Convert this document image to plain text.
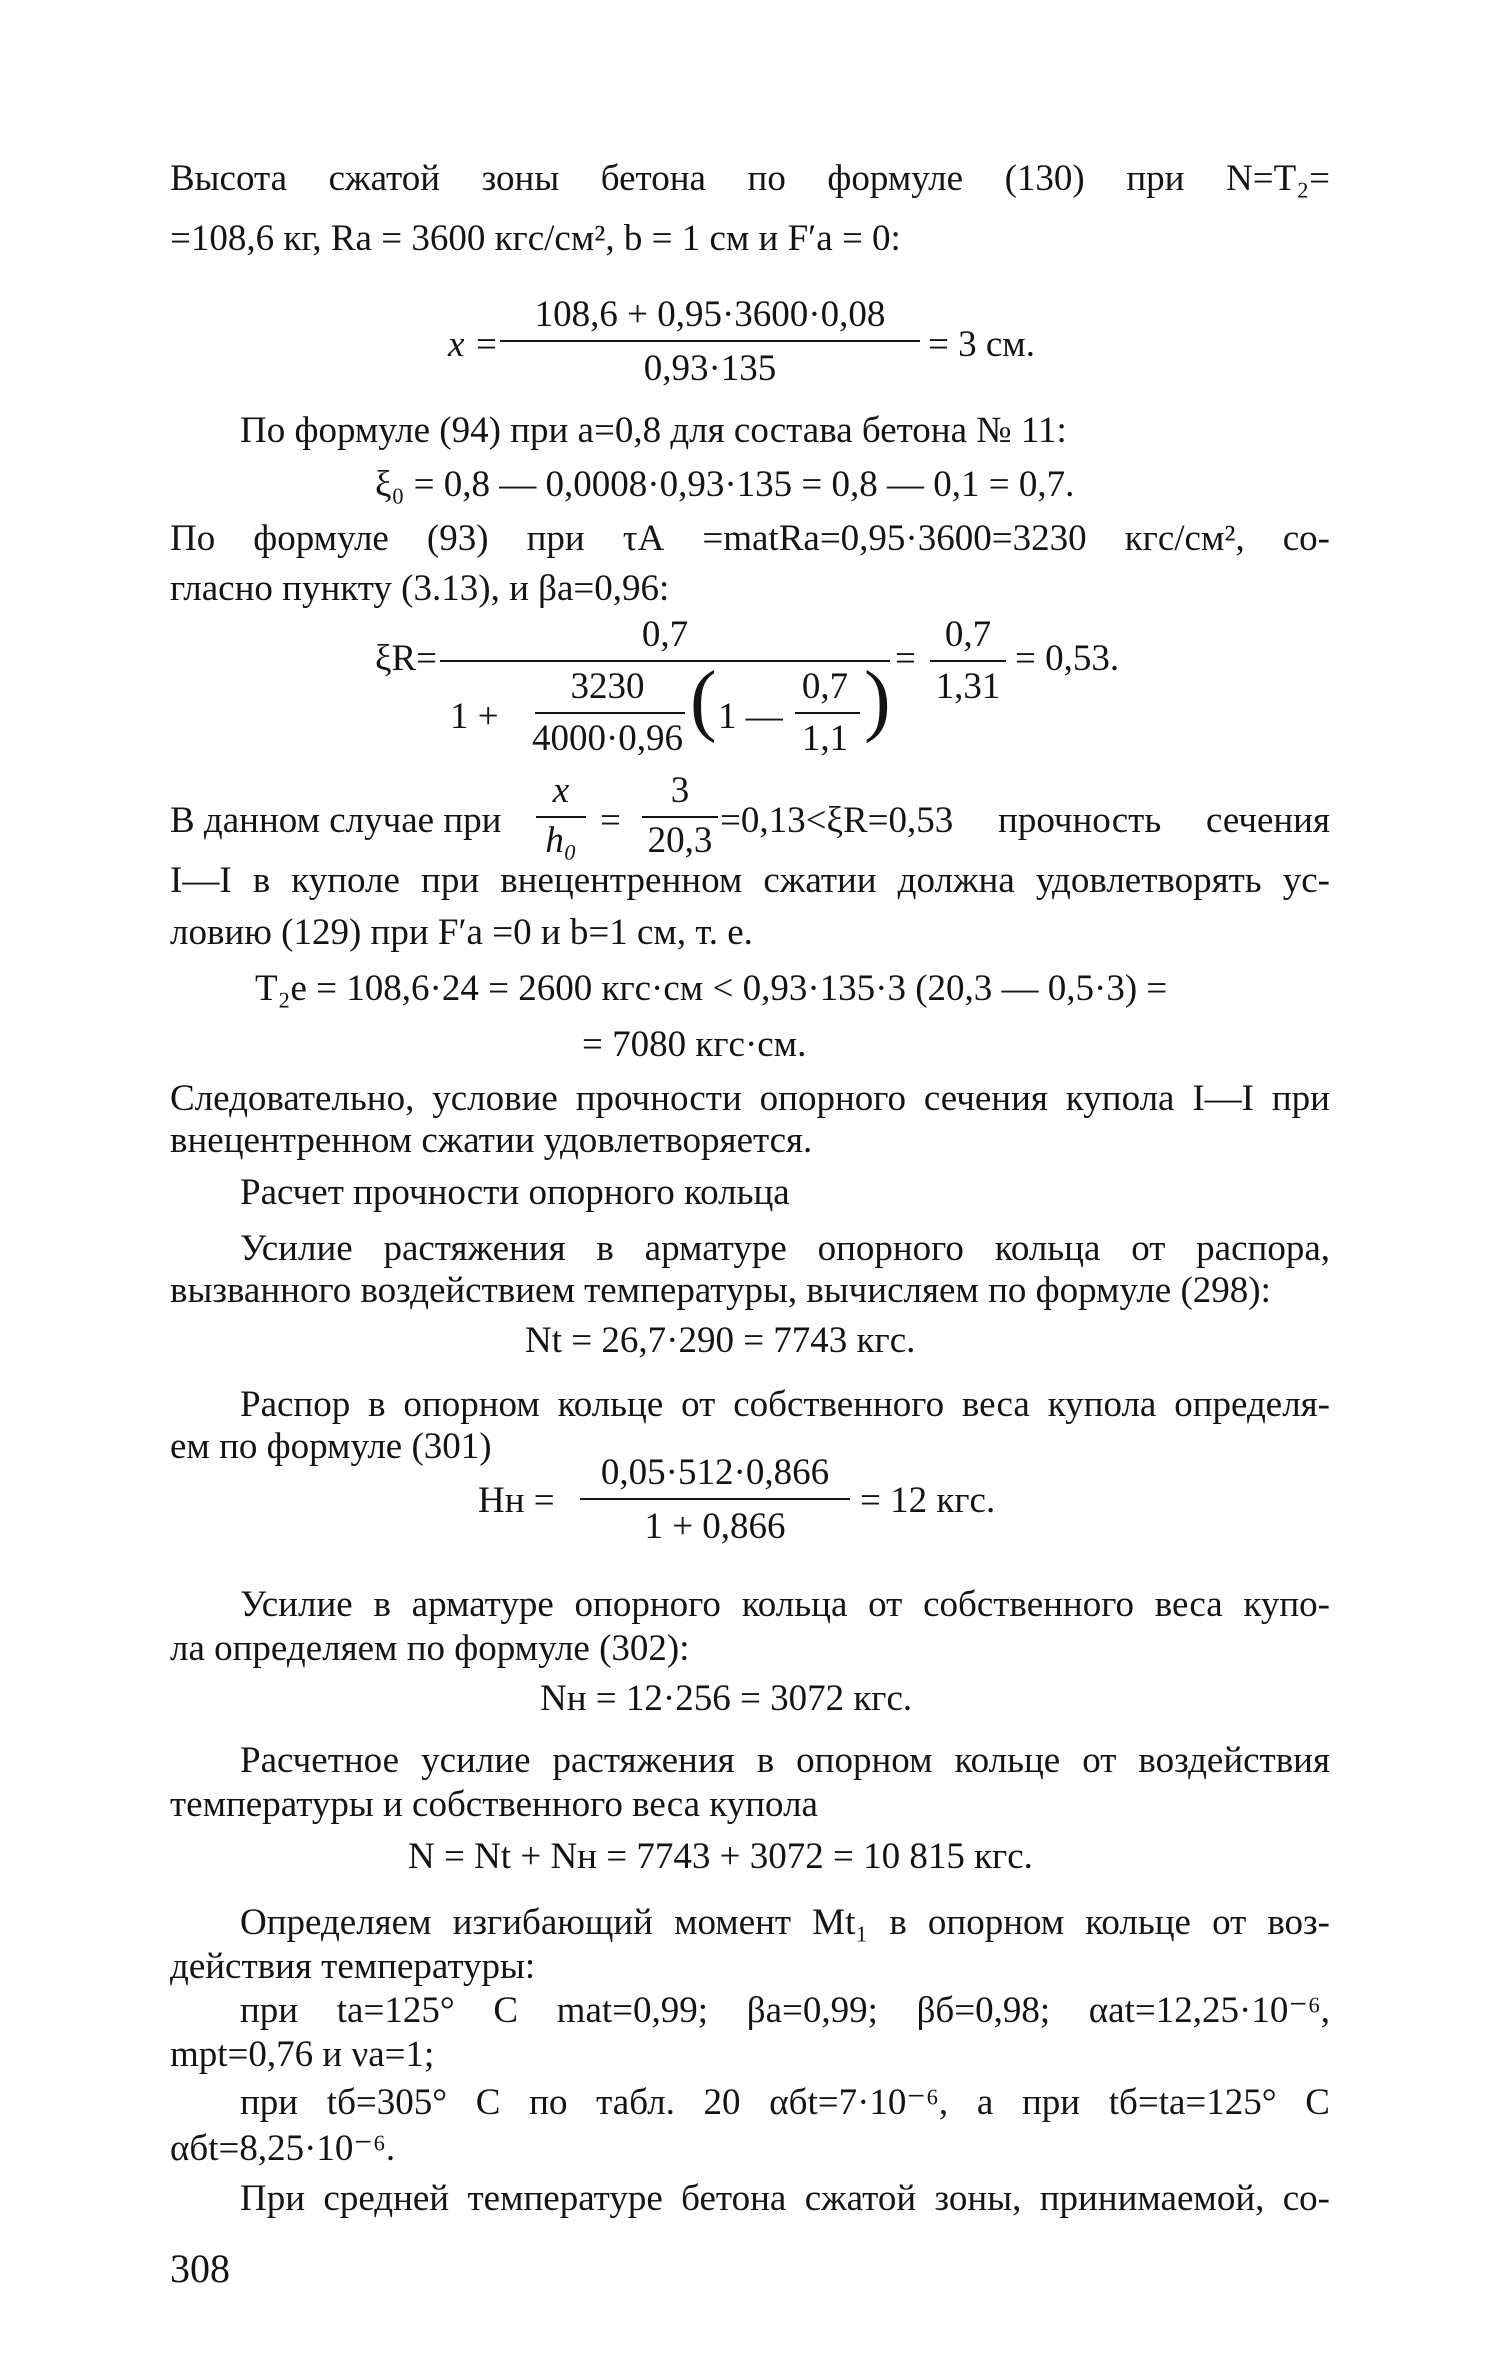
Высота сжатой зоны бетона по формуле (130) при N=T₂=
=108,6 кг, Rа = 3600 кгс/см², b = 1 см и F′а = 0:
x =
108,6 + 0,95·3600·0,08
0,93·135
= 3 см.
По формуле (94) при a=0,8 для состава бетона № 11:
ξ₀ = 0,8 — 0,0008·0,93·135 = 0,8 — 0,1 = 0,7.
По формуле (93) при τА =mаtRа=0,95·3600=3230 кгс/см², со-
гласно пункту (3.13), и βа=0,96:
ξR=
0,7
1 +
3230
4000·0,96 ( 1 —
0,7
1,1 ) =
0,7
1,31
= 0,53.
В данном случае при
x
h₀ =
3
20,3 =0,13<ξR=0,53 прочность сечения
I—I в куполе при внецентренном сжатии должна удовлетворять ус-
ловию (129) при F′а =0 и b=1 см, т. е.
T₂e = 108,6·24 = 2600 кгс·см < 0,93·135·3 (20,3 — 0,5·3) =
= 7080 кгс·см.
Следовательно, условие прочности опорного сечения купола I—I при
внецентренном сжатии удовлетворяется.
Расчет прочности опорного кольца
Усилие растяжения в арматуре опорного кольца от распора,
вызванного воздействием температуры, вычисляем по формуле (298):
Nt = 26,7·290 = 7743 кгс.
Распор в опорном кольце от собственного веса купола определя-
ем по формуле (301)
Hн =
0,05·512·0,866
1 + 0,866
= 12 кгс.
Усилие в арматуре опорного кольца от собственного веса купо-
ла определяем по формуле (302):
Nн = 12·256 = 3072 кгс.
Расчетное усилие растяжения в опорном кольце от воздействия
температуры и собственного веса купола
N = Nt + Nн = 7743 + 3072 = 10 815 кгс.
Определяем изгибающий момент Mt₁ в опорном кольце от воз-
действия температуры:
при tа=125° C mаt=0,99; βа=0,99; βб=0,98; αаt=12,25·10⁻⁶,
mрt=0,76 и νа=1;
при tб=305° C по табл. 20 αбt=7·10⁻⁶, а при tб=tа=125° C
αбt=8,25·10⁻⁶.
При средней температуре бетона сжатой зоны, принимаемой, со-
308
